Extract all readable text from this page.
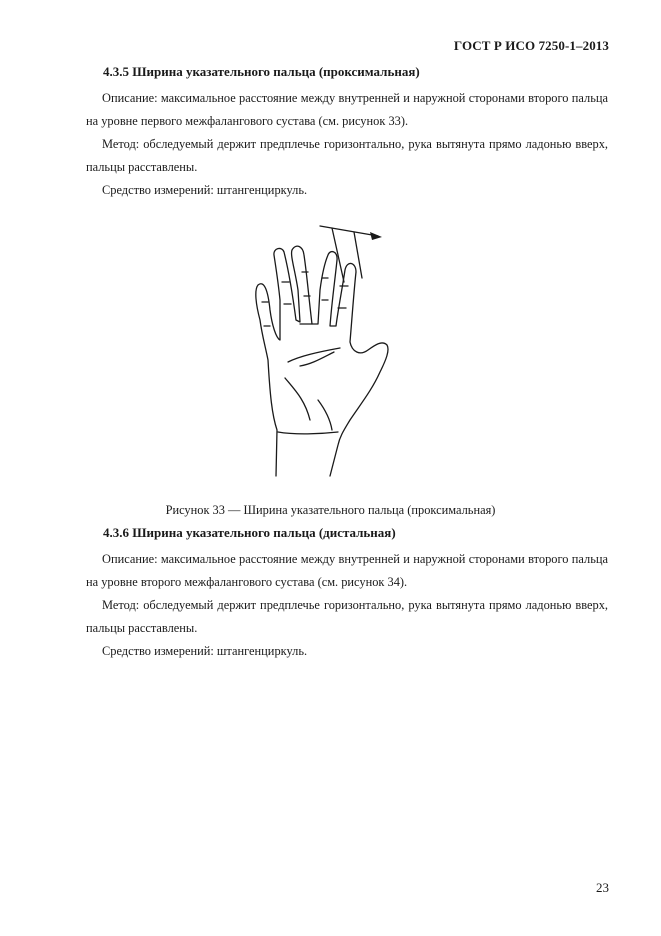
ГОСТ Р ИСО 7250-1–2013
4.3.5 Ширина указательного пальца (проксимальная)
Описание: максимальное расстояние между внутренней и наружной сторонами второго пальца на уровне первого межфалангового сустава (см. рисунок 33).
Метод: обследуемый держит предплечье горизонтально, рука вытянута прямо ладонью вверх, пальцы расставлены.
Средство измерений: штангенциркуль.
Рисунок 33 — Ширина указательного пальца (проксимальная)
4.3.6 Ширина указательного пальца (дистальная)
Описание: максимальное расстояние между внутренней и наружной сторонами второго пальца на уровне второго межфалангового сустава (см. рисунок 34).
Метод: обследуемый держит предплечье горизонтально, рука вытянута прямо ладонью вверх, пальцы расставлены.
Средство измерений: штангенциркуль.
23
